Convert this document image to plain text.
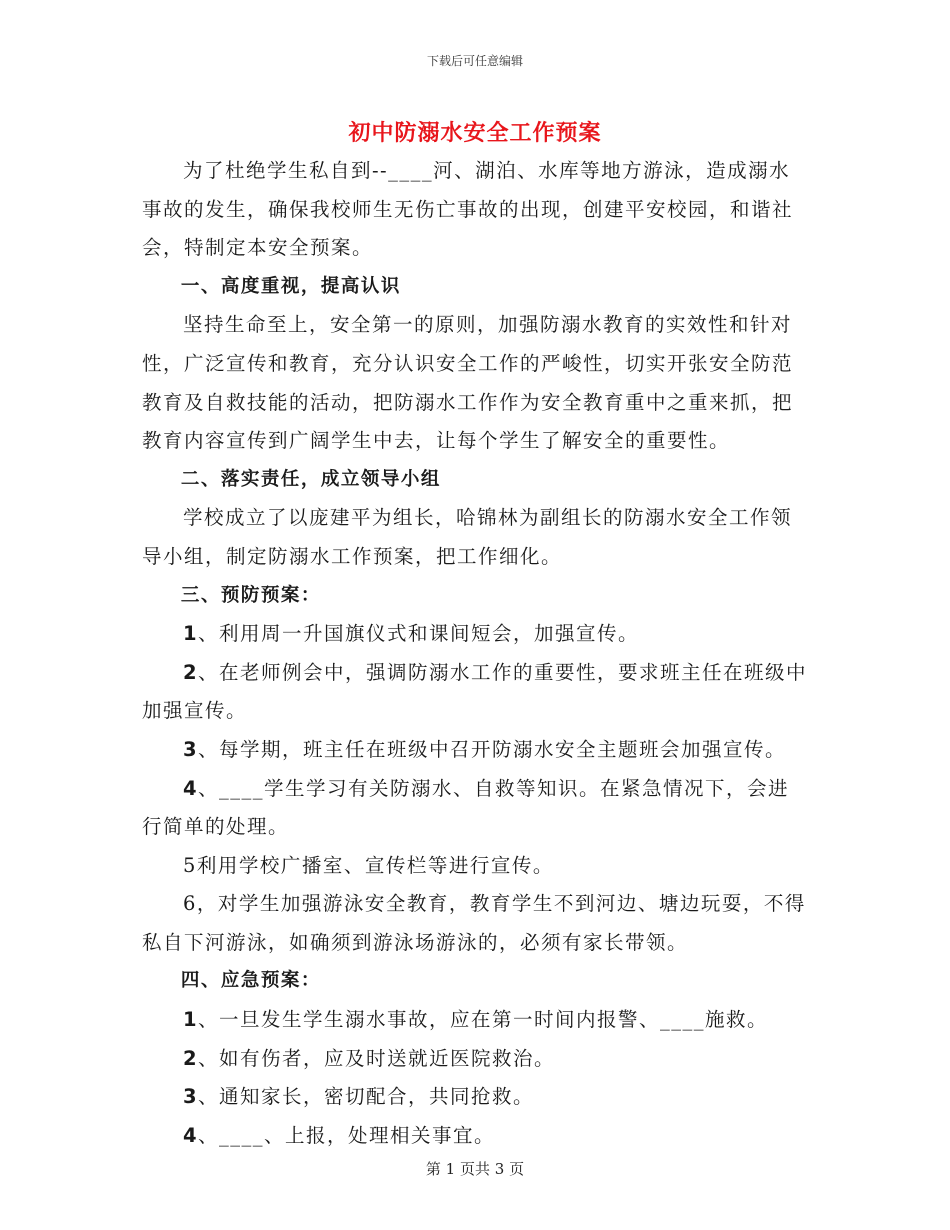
下载后可任意编辑
初中防溺水安全工作预案

为了杜绝学生私自到--____河、湖泊、水库等地方游泳，造成溺水事故的发生，确保我校师生无伤亡事故的出现，创建平安校园，和谐社会，特制定本安全预案。

一、高度重视，提高认识

坚持生命至上，安全第一的原则，加强防溺水教育的实效性和针对性，广泛宣传和教育，充分认识安全工作的严峻性，切实开张安全防范教育及自救技能的活动，把防溺水工作作为安全教育重中之重来抓，把教育内容宣传到广阔学生中去，让每个学生了解安全的重要性。

二、落实责任，成立领导小组

学校成立了以庞建平为组长，哈锦林为副组长的防溺水安全工作领导小组，制定防溺水工作预案，把工作细化。

三、预防预案：

1、利用周一升国旗仪式和课间短会，加强宣传。

2、在老师例会中，强调防溺水工作的重要性，要求班主任在班级中加强宣传。

3、每学期，班主任在班级中召开防溺水安全主题班会加强宣传。

4、____学生学习有关防溺水、自救等知识。在紧急情况下，会进行简单的处理。

5利用学校广播室、宣传栏等进行宣传。

6，对学生加强游泳安全教育，教育学生不到河边、塘边玩耍，不得私自下河游泳，如确须到游泳场游泳的，必须有家长带领。

四、应急预案：

1、一旦发生学生溺水事故，应在第一时间内报警、____施救。

2、如有伤者，应及时送就近医院救治。

3、通知家长，密切配合，共同抢救。

4、____、上报，处理相关事宜。

第 1 页共 3 页
